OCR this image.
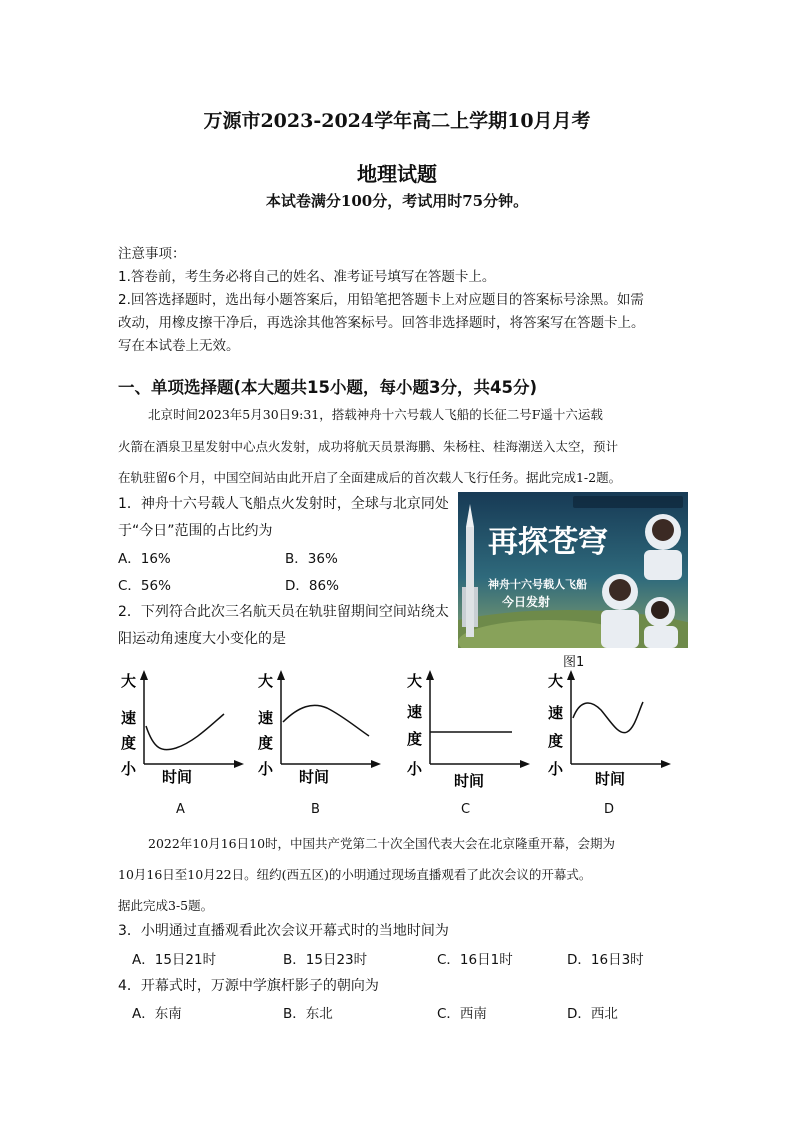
万源市2023-2024学年高二上学期10月月考
地理试题
本试卷满分100分，考试用时75分钟。
注意事项：
1.答卷前，考生务必将自己的姓名、准考证号填写在答题卡上。
2.回答选择题时，选出每小题答案后，用铅笔把答题卡上对应题目的答案标号涂黑。如需
改动，用橡皮擦干净后，再选涂其他答案标号。回答非选择题时，将答案写在答题卡上。
写在本试卷上无效。
一、单项选择题(本大题共15小题，每小题3分，共45分)
北京时间2023年5月30日9:31，搭载神舟十六号载人飞船的长征二号F遥十六运载
火箭在酒泉卫星发射中心点火发射，成功将航天员景海鹏、朱杨柱、桂海潮送入太空，预计
在轨驻留6个月，中国空间站由此开启了全面建成后的首次载人飞行任务。据此完成1-2题。
1．神舟十六号载人飞船点火发射时，全球与北京同处
于“今日”范围的占比约为
A．16%	B．36%
C．56%	D．86%
2．下列符合此次三名航天员在轨驻留期间空间站绕太
阳运动角速度大小变化的是
再探苍穹
神舟十六号载人飞船
今日发射
图1
大
速
度
小 时间
大
速
度
小 时间
大
速
度
小
时间
大
速
度
小
时间
A	B	C	D
2022年10月16日10时，中国共产党第二十次全国代表大会在北京隆重开幕，会期为
10月16日至10月22日。纽约(西五区)的小明通过现场直播观看了此次会议的开幕式。
据此完成3-5题。
3．小明通过直播观看此次会议开幕式时的当地时间为
A．15日21时	B．15日23时	C．16日1时	D．16日3时
4．开幕式时，万源中学旗杆影子的朝向为
A．东南	B．东北	C．西南	D．西北
